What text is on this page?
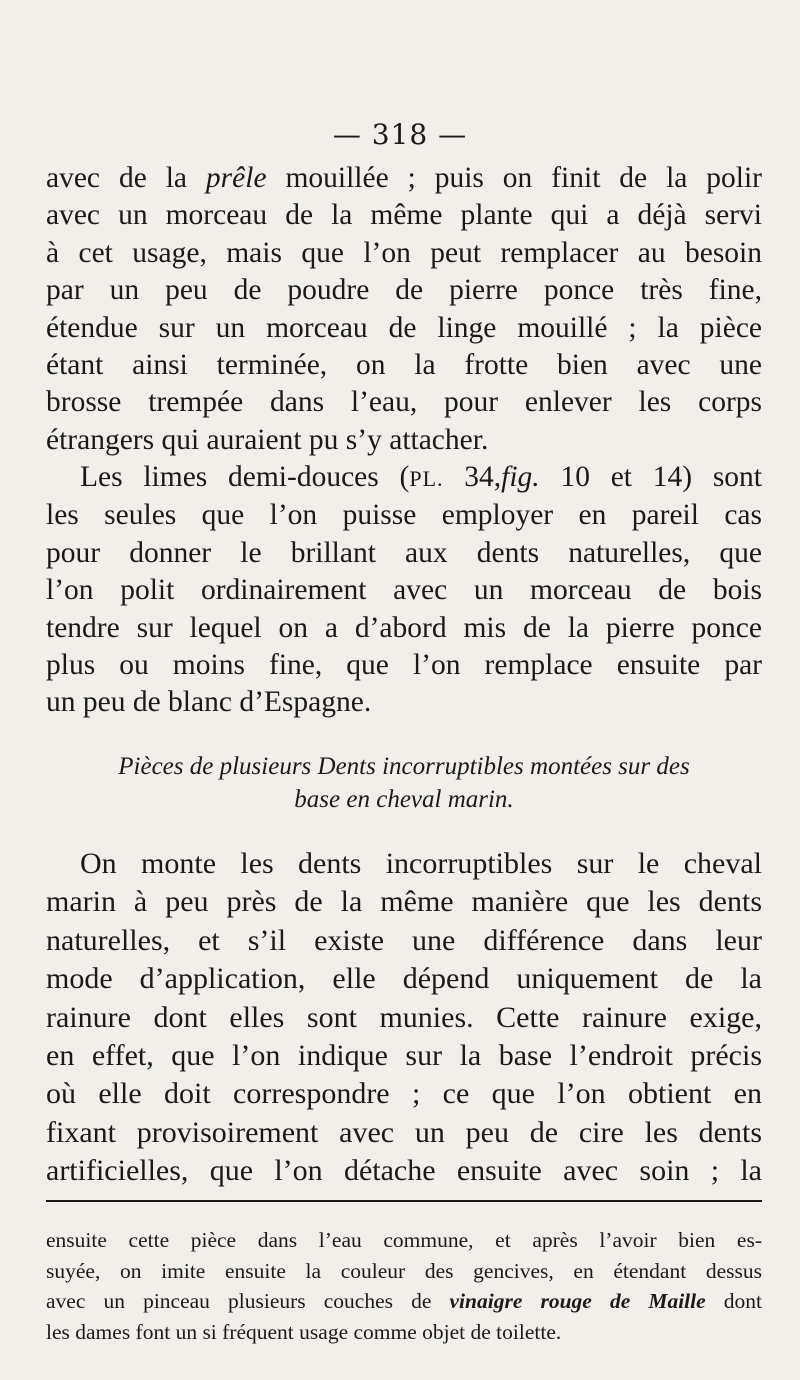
— 318 —
avec de la prêle mouillée ; puis on finit de la polir
avec un morceau de la même plante qui a déjà servi
à cet usage, mais que l’on peut remplacer au besoin
par un peu de poudre de pierre ponce très fine,
étendue sur un morceau de linge mouillé ; la pièce
étant ainsi terminée, on la frotte bien avec une
brosse trempée dans l’eau, pour enlever les corps
étrangers qui auraient pu s’y attacher.
Les limes demi-douces (PL. 34,fig. 10 et 14) sont
les seules que l’on puisse employer en pareil cas
pour donner le brillant aux dents naturelles, que
l’on polit ordinairement avec un morceau de bois
tendre sur lequel on a d’abord mis de la pierre ponce
plus ou moins fine, que l’on remplace ensuite par
un peu de blanc d’Espagne.
Pièces de plusieurs Dents incorruptibles montées sur des
base en cheval marin.
On monte les dents incorruptibles sur le cheval
marin à peu près de la même manière que les dents
naturelles, et s’il existe une différence dans leur
mode d’application, elle dépend uniquement de la
rainure dont elles sont munies. Cette rainure exige,
en effet, que l’on indique sur la base l’endroit précis
où elle doit correspondre ; ce que l’on obtient en
fixant provisoirement avec un peu de cire les dents
artificielles, que l’on détache ensuite avec soin ; la
ensuite cette pièce dans l’eau commune, et après l’avoir bien es-
suyée, on imite ensuite la couleur des gencives, en étendant dessus
avec un pinceau plusieurs couches de vinaigre rouge de Maille dont
les dames font un si fréquent usage comme objet de toilette.
